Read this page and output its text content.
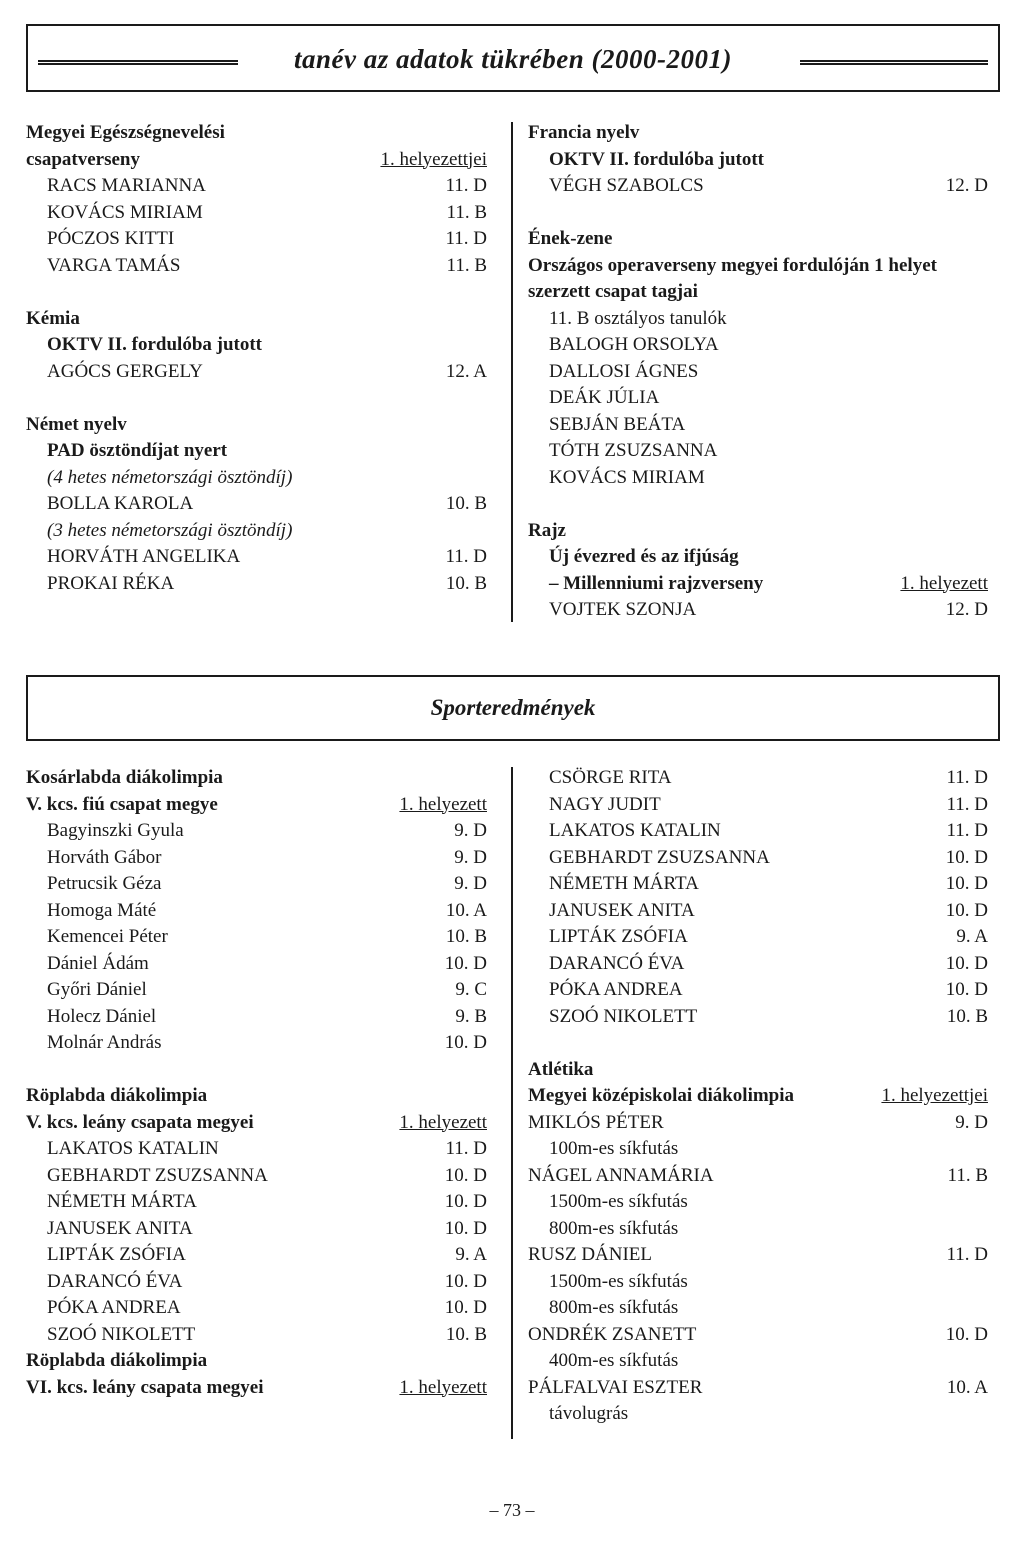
tanév az adatok tükrében (2000-2001)
Megyei Egészségnevelési
csapatverseny	1. helyezettjei
RACS MARIANNA	11. D
KOVÁCS MIRIAM	11. B
PÓCZOS KITTI	11. D
VARGA TAMÁS	11. B
Kémia
OKTV II. fordulóba jutott
AGÓCS GERGELY	12. A
Német nyelv
PAD ösztöndíjat nyert
(4 hetes németországi ösztöndíj)
BOLLA KAROLA	10. B
(3 hetes németországi ösztöndíj)
HORVÁTH ANGELIKA	11. D
PROKAI RÉKA	10. B
Francia nyelv
OKTV II. fordulóba jutott
VÉGH SZABOLCS	12. D
Ének-zene
Országos operaverseny megyei fordulóján 1 helyet
szerzett csapat tagjai
11. B osztályos tanulók
BALOGH ORSOLYA
DALLOSI ÁGNES
DEÁK JÚLIA
SEBJÁN BEÁTA
TÓTH ZSUZSANNA
KOVÁCS MIRIAM
Rajz
Új évezred és az ifjúság
– Millenniumi rajzverseny	1. helyezett
VOJTEK SZONJA	12. D
Sporteredmények
Kosárlabda diákolimpia
V. kcs. fiú csapat megye	1. helyezett
Bagyinszki Gyula	9. D
Horváth Gábor	9. D
Petrucsik Géza	9. D
Homoga Máté	10. A
Kemencei Péter	10. B
Dániel Ádám	10. D
Győri Dániel	9. C
Holecz Dániel	9. B
Molnár András	10. D
Röplabda diákolimpia
V. kcs. leány csapata megyei	1. helyezett
LAKATOS KATALIN	11. D
GEBHARDT ZSUZSANNA	10. D
NÉMETH MÁRTA	10. D
JANUSEK ANITA	10. D
LIPTÁK ZSÓFIA	9. A
DARANCÓ ÉVA	10. D
PÓKA ANDREA	10. D
SZOÓ NIKOLETT	10. B
Röplabda diákolimpia
VI. kcs. leány csapata megyei	1. helyezett
CSÖRGE RITA	11. D
NAGY JUDIT	11. D
LAKATOS KATALIN	11. D
GEBHARDT ZSUZSANNA	10. D
NÉMETH MÁRTA	10. D
JANUSEK ANITA	10. D
LIPTÁK ZSÓFIA	9. A
DARANCÓ ÉVA	10. D
PÓKA ANDREA	10. D
SZOÓ NIKOLETT	10. B
Atlétika
Megyei középiskolai diákolimpia	1. helyezettjei
MIKLÓS PÉTER	9. D
100m-es síkfutás
NÁGEL ANNAMÁRIA	11. B
1500m-es síkfutás
800m-es síkfutás
RUSZ DÁNIEL	11. D
1500m-es síkfutás
800m-es síkfutás
ONDRÉK ZSANETT	10. D
400m-es síkfutás
PÁLFALVAI ESZTER	10. A
távolugrás
– 73 –
